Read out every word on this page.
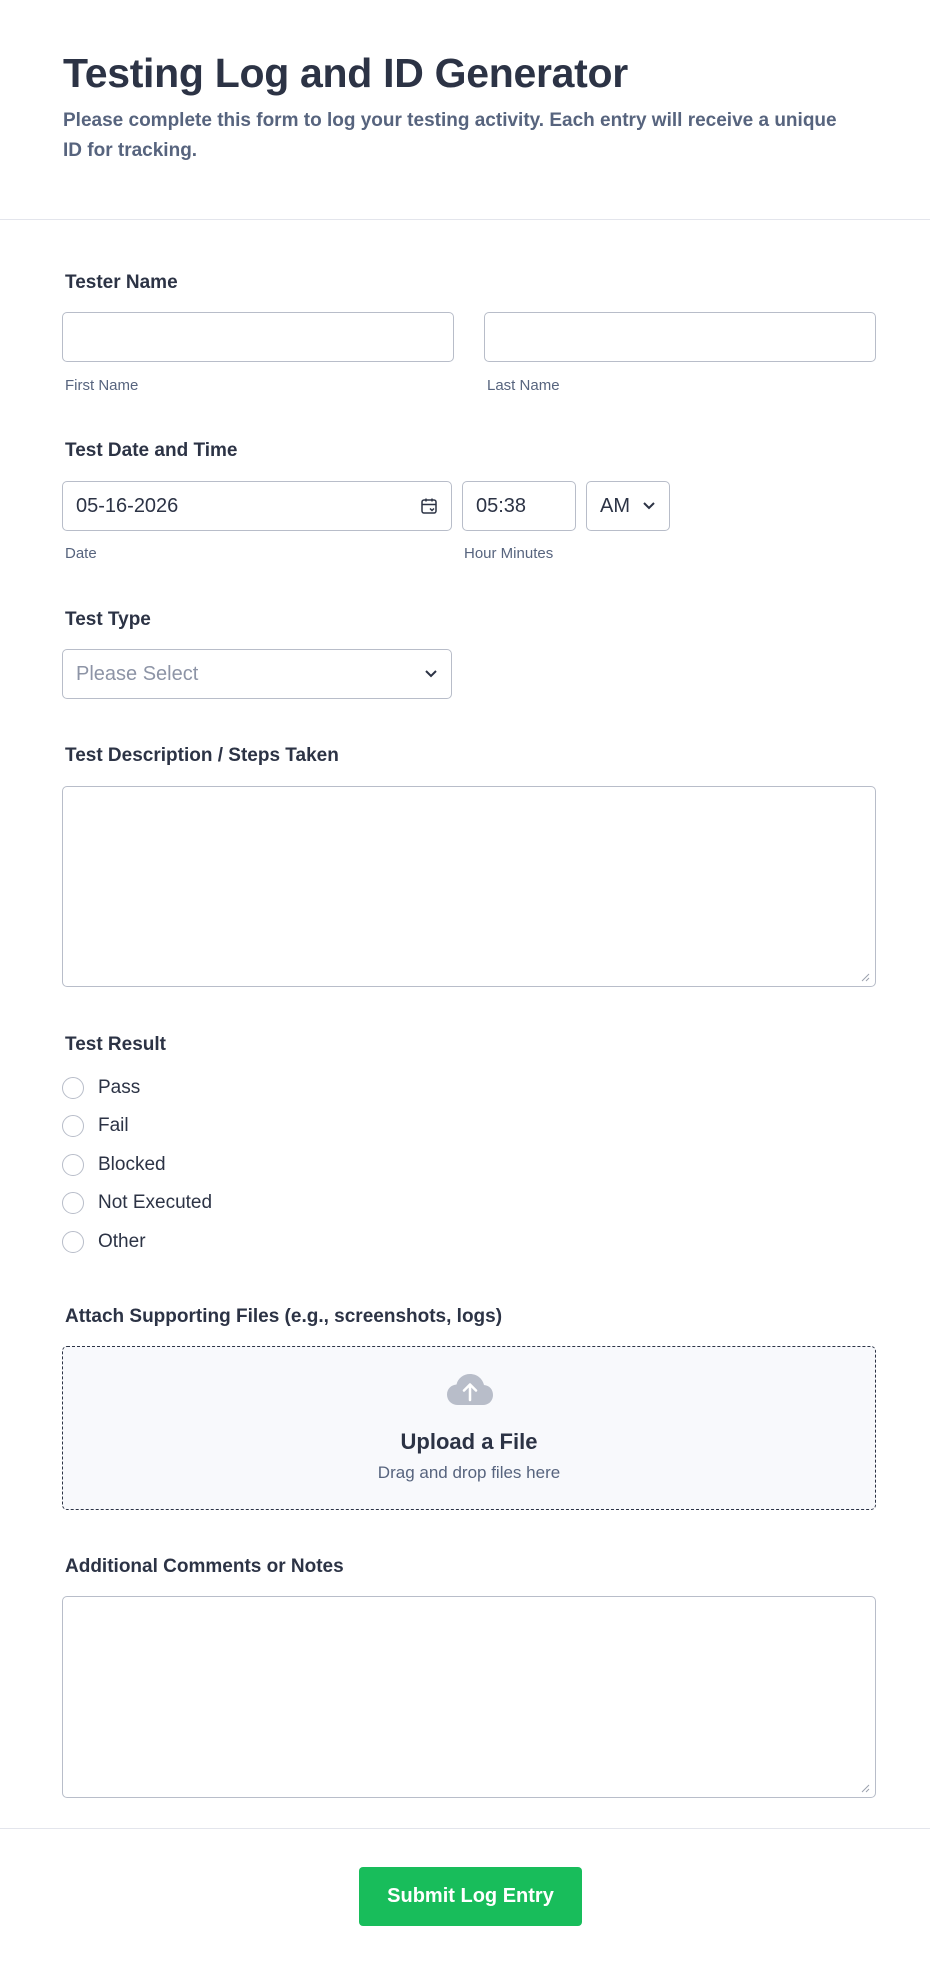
Testing Log and ID Generator

Please complete this form to log your testing activity. Each entry will receive a unique ID for tracking.

Tester Name
First Name	Last Name
Test Date and Time
05-16-2026	05:38	AM
Date	Hour Minutes
Test Type
Please Select
Test Description / Steps Taken
Test Result
Pass
Fail
Blocked
Not Executed
Other
Attach Supporting Files (e.g., screenshots, logs)
Upload a File
Drag and drop files here
Additional Comments or Notes
Submit Log Entry
